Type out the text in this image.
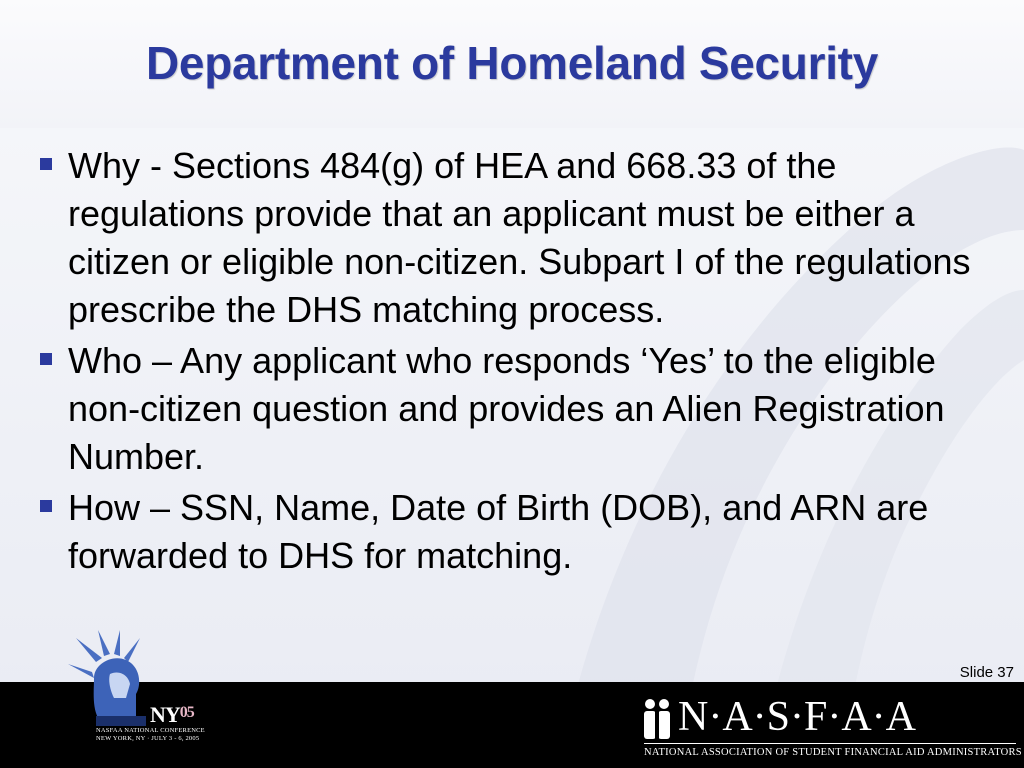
Department of Homeland Security
Why - Sections 484(g) of HEA and 668.33 of the regulations provide that an applicant must be either a citizen or eligible non-citizen. Subpart I of the regulations prescribe the DHS matching process.
Who – Any applicant who responds ‘Yes’ to the eligible non-citizen question and provides an Alien Registration Number.
How – SSN, Name, Date of Birth (DOB), and ARN are forwarded to DHS for matching.
Slide 37
NY$^{05}$
NASFAA NATIONAL CONFERENCE
NEW YORK, NY · JULY 3 - 6, 2005	N·A·S·F·A·A
NATIONAL ASSOCIATION OF STUDENT FINANCIAL AID ADMINISTRATORS
